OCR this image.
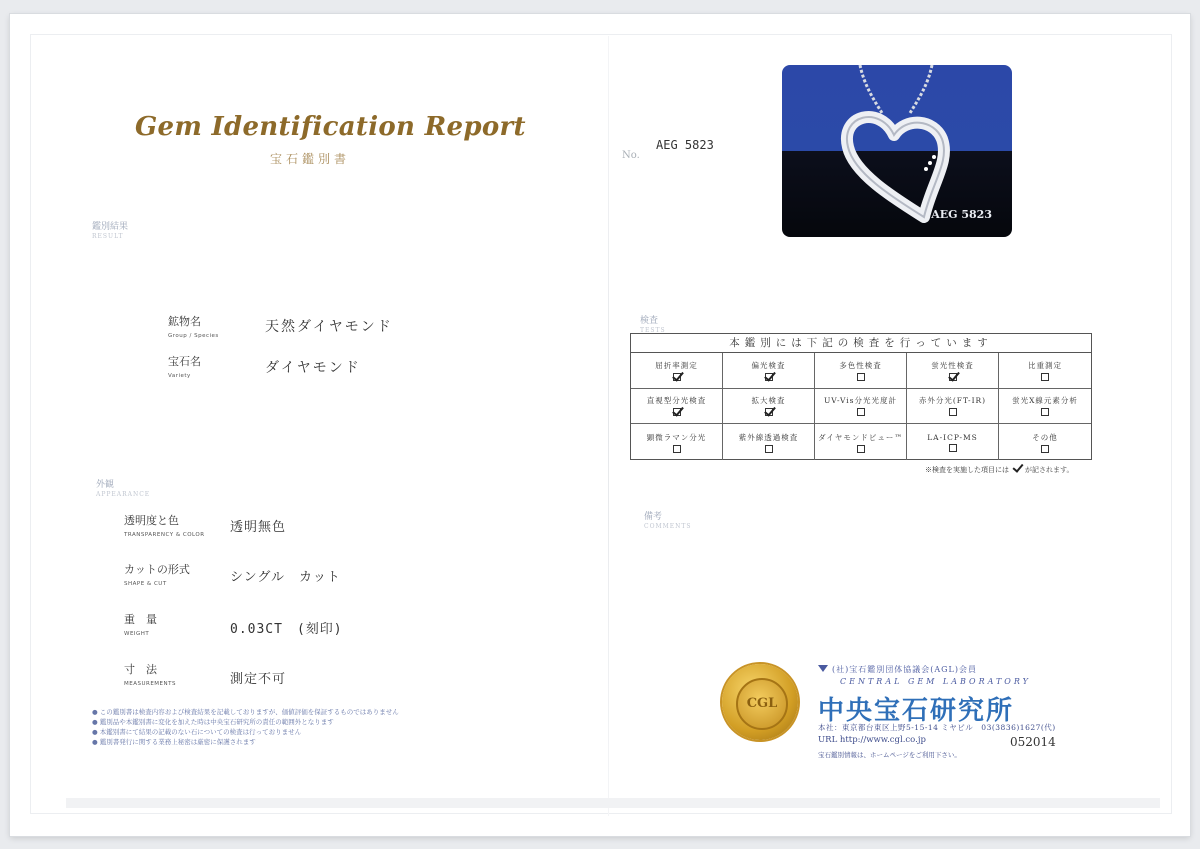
Gem Identification Report
宝石鑑別書	No.
AEG 5823
AEG 5823
鑑別結果
RESULT
鉱物名
Group / Species
天然ダイヤモンド
宝石名
Variety	ダイヤモンド
外観
APPEARANCE
透明度と色
TRANSPARENCY & COLOR 透明無色
カットの形式
SHAPE & CUT	シングル　カット
重　量
WEIGHT	0.03CT　(刻印)
寸　法
MEASUREMENTS	測定不可
検査
TESTS
本鑑別には下記の検査を行っています
屈折率測定	偏光検査	多色性検査	蛍光性検査	比重測定
直視型分光検査	拡大検査	UV-Vis分光光度計	赤外分光(FT-IR)	蛍光X線元素分析
顕微ラマン分光	紫外線透過検査	ダイヤモンドビュー™	LA-ICP-MS	その他
※検査を実施した項目には が記されます。
備考
COMMENTS
● この鑑別書は検査内容および検査結果を記載しておりますが、価値評価を保証するものではありません
● 鑑別品や本鑑別書に変化を加えた時は中央宝石研究所の責任の範囲外となります
● 本鑑別書にて結果の記載のない石についての検査は行っておりません
● 鑑別書発行に関する業務上秘密は厳密に保護されます
CGL
(社)宝石鑑別団体協議会(AGL)会員
CENTRAL GEM LABORATORY
中央宝石研究所
本社：東京都台東区上野5-15-14 ミヤビル　03(3836)1627(代)
URL http://www.cgl.co.jp	052014
宝石鑑別情報は、ホームページをご利用下さい。
